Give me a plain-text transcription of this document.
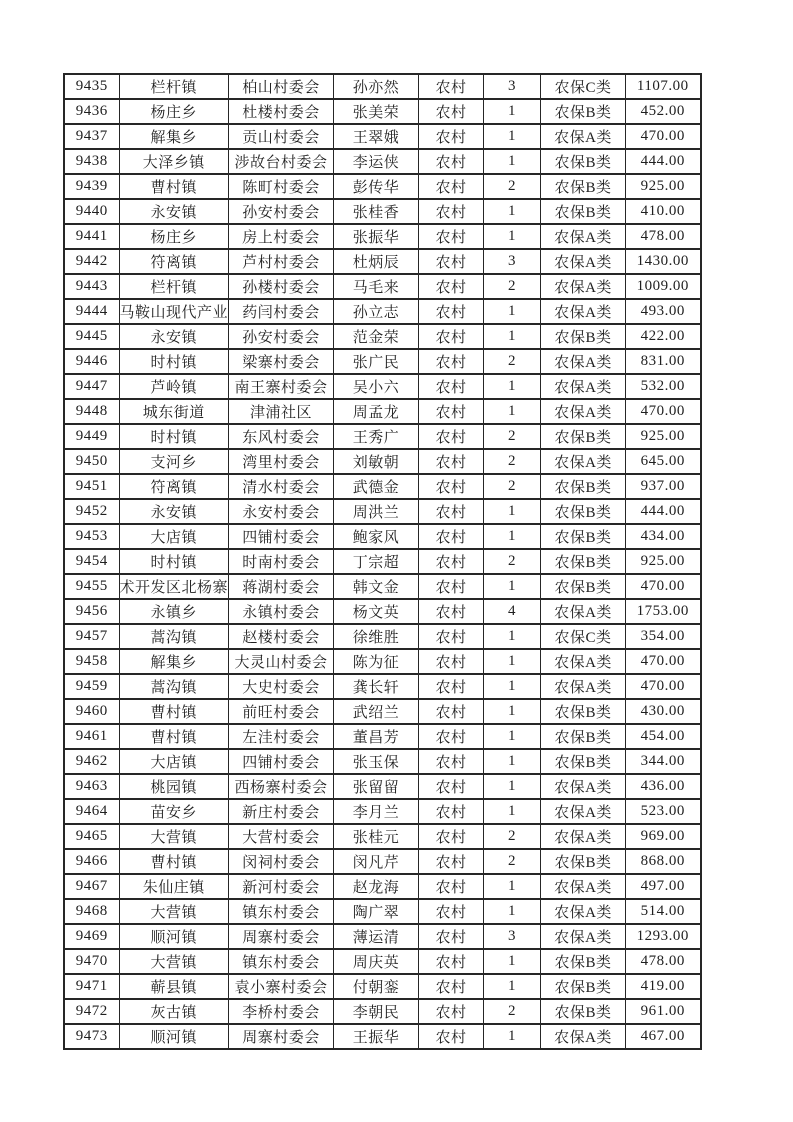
9435	栏杆镇	柏山村委会	孙亦然	农村	3	农保C类	1107.00

9436	杨庄乡	杜楼村委会	张美荣	农村	1	农保B类	452.00

9437	解集乡	贡山村委会	王翠娥	农村	1	农保A类	470.00

9438	大泽乡镇	涉故台村委会	李运侠	农村	1	农保B类	444.00

9439	曹村镇	陈町村委会	彭传华	农村	2	农保B类	925.00

9440	永安镇	孙安村委会	张桂香	农村	1	农保B类	410.00

9441	杨庄乡	房上村委会	张振华	农村	1	农保A类	478.00

9442	符离镇	芦村村委会	杜炳辰	农村	3	农保A类	1430.00

9443	栏杆镇	孙楼村委会	马毛来	农村	2	农保A类	1009.00

9444	马鞍山现代产业	药闫村委会	孙立志	农村	1	农保A类	493.00

9445	永安镇	孙安村委会	范金荣	农村	1	农保B类	422.00

9446	时村镇	梁寨村委会	张广民	农村	2	农保A类	831.00

9447	芦岭镇	南王寨村委会	吴小六	农村	1	农保A类	532.00

9448	城东街道	津浦社区	周孟龙	农村	1	农保A类	470.00

9449	时村镇	东风村委会	王秀广	农村	2	农保B类	925.00

9450	支河乡	湾里村委会	刘敏朝	农村	2	农保A类	645.00

9451	符离镇	清水村委会	武德金	农村	2	农保B类	937.00

9452	永安镇	永安村委会	周洪兰	农村	1	农保B类	444.00

9453	大店镇	四铺村委会	鲍家风	农村	1	农保B类	434.00

9454	时村镇	时南村委会	丁宗超	农村	2	农保B类	925.00

9455	术开发区北杨寨	蒋湖村委会	韩文金	农村	1	农保B类	470.00

9456	永镇乡	永镇村委会	杨文英	农村	4	农保A类	1753.00

9457	蒿沟镇	赵楼村委会	徐维胜	农村	1	农保C类	354.00

9458	解集乡	大灵山村委会	陈为征	农村	1	农保A类	470.00

9459	蒿沟镇	大史村委会	龚长轩	农村	1	农保A类	470.00

9460	曹村镇	前旺村委会	武绍兰	农村	1	农保B类	430.00

9461	曹村镇	左洼村委会	董昌芳	农村	1	农保B类	454.00

9462	大店镇	四铺村委会	张玉保	农村	1	农保B类	344.00

9463	桃园镇	西杨寨村委会	张留留	农村	1	农保A类	436.00

9464	苗安乡	新庄村委会	李月兰	农村	1	农保A类	523.00

9465	大营镇	大营村委会	张桂元	农村	2	农保A类	969.00

9466	曹村镇	闵祠村委会	闵凡芹	农村	2	农保B类	868.00

9467	朱仙庄镇	新河村委会	赵龙海	农村	1	农保A类	497.00

9468	大营镇	镇东村委会	陶广翠	农村	1	农保A类	514.00

9469	顺河镇	周寨村委会	薄运清	农村	3	农保A类	1293.00

9470	大营镇	镇东村委会	周庆英	农村	1	农保B类	478.00

9471	蕲县镇	袁小寨村委会	付朝銮	农村	1	农保B类	419.00

9472	灰古镇	李桥村委会	李朝民	农村	2	农保B类	961.00

9473	顺河镇	周寨村委会	王振华	农村	1	农保A类	467.00
